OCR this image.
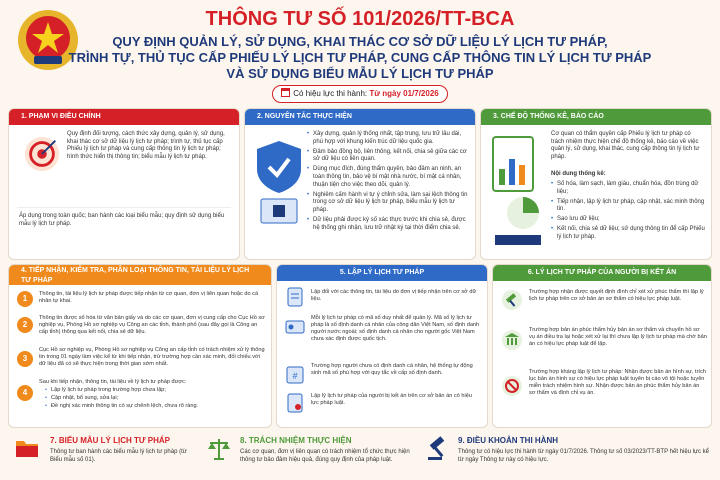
THÔNG TƯ SỐ 101/2026/TT-BCA
QUY ĐỊNH QUẢN LÝ, SỬ DỤNG, KHAI THÁC CƠ SỞ DỮ LIỆU LÝ LỊCH TƯ PHÁP,
TRÌNH TỰ, THỦ TỤC CẤP PHIẾU LÝ LỊCH TƯ PHÁP, CUNG CẤP THÔNG TIN LÝ LỊCH TƯ PHÁP
VÀ SỬ DỤNG BIỂU MẪU LÝ LỊCH TƯ PHÁP
Có hiệu lực thi hành: Từ ngày 01/7/2026
1. PHẠM VI ĐIỀU CHỈNH
Quy định đối tượng, cách thức xây dựng, quản lý, sử dụng, khai thác cơ sở dữ liệu lý lịch tư pháp; trình tự, thủ tục cấp Phiếu lý lịch tư pháp và cung cấp thông tin lý lịch tư pháp; hình thức hiển thị thông tin; biểu mẫu lý lịch tư pháp.
Áp dụng trong toàn quốc; ban hành các loại biểu mẫu; quy định sử dụng biểu mẫu lý lịch tư pháp.
2. NGUYÊN TẮC THỰC HIỆN
• Xây dựng, quản lý thống nhất, tập trung, lưu trữ lâu dài, phù hợp với khung kiến trúc dữ liệu quốc gia.
• Đảm bảo đồng bộ, liên thông, kết nối, chia sẻ giữa các cơ sở dữ liệu có liên quan.
• Dùng mục đích, đúng thẩm quyền, bảo đảm an ninh, an toàn thông tin, bảo vệ bí mật nhà nước, bí mật cá nhân, thuận tiện cho việc theo dõi, quản lý.
• Nghiêm cấm hành vi tự ý chỉnh sửa, làm sai lệch thông tin trong cơ sở dữ liệu lý lịch tư pháp, biểu mẫu lý lịch tư pháp.
• Dữ liệu phải được ký số xác thực trước khi chia sẻ, được hệ thống ghi nhận, lưu trữ nhật ký tại thời điểm chia sẻ.
3. CHẾ ĐỘ THỐNG KÊ, BÁO CÁO
Cơ quan có thẩm quyền cấp Phiếu lý lịch tư pháp có trách nhiệm thực hiện chế độ thống kê, báo cáo về việc quản lý, sử dụng, khai thác, cung cấp thông tin lý lịch tư pháp.
Nội dung thống kê:
• Số hóa, làm sạch, làm giàu, chuẩn hóa, đồn trùng dữ liệu;
• Tiếp nhận, lập lý lịch tư pháp, cập nhật, xác minh thông tin.
• Sao lưu dữ liệu;
• Kết nối, chia sẻ dữ liệu; sử dụng thông tin để cấp Phiếu lý lịch tư pháp.
4. TIẾP NHẬN, KIỂM TRA, PHÂN LOẠI THÔNG TIN, TÀI LIỆU LÝ LỊCH TƯ PHÁP
1	Thông tin, tài liệu lý lịch tư pháp được tiếp nhận từ cơ quan, đơn vị liên quan hoặc do cá nhân tự khai.
2
Thông tin được số hóa từ văn bản giấy và do các cơ quan, đơn vị cung cấp cho Cục Hồ sơ nghiệp vụ, Phòng Hồ sơ nghiệp vụ Công an các tỉnh, thành phố (sau đây gọi là Công an cấp tỉnh) thông qua kết nối, chia sẻ dữ liệu.
3
Cục Hồ sơ nghiệp vụ, Phòng Hồ sơ nghiệp vụ Công an cấp tỉnh có trách nhiệm xử lý thông tin trong 01 ngày làm việc kể từ khi tiếp nhận, trừ trường hợp cần xác minh, đối chiếu với dữ liệu đã có sẽ thực hiện trong thời gian sớm nhất.
4
Sau khi tiếp nhận, thông tin, tài liệu về lý lịch tư pháp được:
• Lập lý lịch tư pháp trong trường hợp chưa lập;
• Cập nhật, bổ sung, sửa lại;
• Đề nghị xác minh thông tin có sự chênh lệch, chưa rõ ràng.
5. LẬP LÝ LỊCH TƯ PHÁP
Lập đối với các thông tin, tài liệu do đơn vị tiếp nhận trên cơ sở dữ liệu.
Mỗi lý lịch tư pháp có mã số duy nhất để quản lý. Mã số lý lịch tư pháp là số định danh cá nhân của công dân Việt Nam, số định danh người nước ngoài; số định danh cá nhân cho người gốc Việt Nam chưa xác định được quốc tịch.
#
Trường hợp người chưa có định danh cá nhân, hệ thống tự động sinh mã số phù hợp với quy tắc về cấp số định danh.
Lập lý lịch tư pháp của người bị kết án trên cơ sở bản án có hiệu lực pháp luật.
6. LÝ LỊCH TƯ PHÁP CỦA NGƯỜI BỊ KẾT ÁN
Trường hợp nhận được quyết định đình chỉ xét xử phúc thẩm thì lập lý lịch tư pháp trên cơ sở bản án sơ thẩm có hiệu lực pháp luật.
Trường hợp bản án phúc thẩm hủy bản án sơ thẩm và chuyển hồ sơ vụ án điều tra lại hoặc xét xử lại thì chưa lập lý lịch tư pháp mà chờ bản án có hiệu lực pháp luật để lập.
Trường hợp kháng lập lý lịch tư pháp: Nhận được bản án hình sự, trích lục bản án hình sự có hiệu lực pháp luật tuyên bị cáo vô tội hoặc tuyên miễn trách nhiệm hình sự. Nhận được bản án phúc thẩm hủy bản án sơ thẩm và đình chỉ vụ án.
7. BIỂU MẪU LÝ LỊCH TƯ PHÁP
Thông tư ban hành các biểu mẫu lý lịch tư pháp (từ Biểu mẫu số 01).
8. TRÁCH NHIỆM THỰC HIỆN
Các cơ quan, đơn vị liên quan có trách nhiệm tổ chức thực hiện thông tư bảo đảm hiệu quả, đúng quy định của pháp luật.
9. ĐIỀU KHOẢN THI HÀNH
Thông tư có hiệu lực thi hành từ ngày 01/7/2026. Thông tư số 03/2023/TT-BTP hết hiệu lực kể từ ngày Thông tư này có hiệu lực.
